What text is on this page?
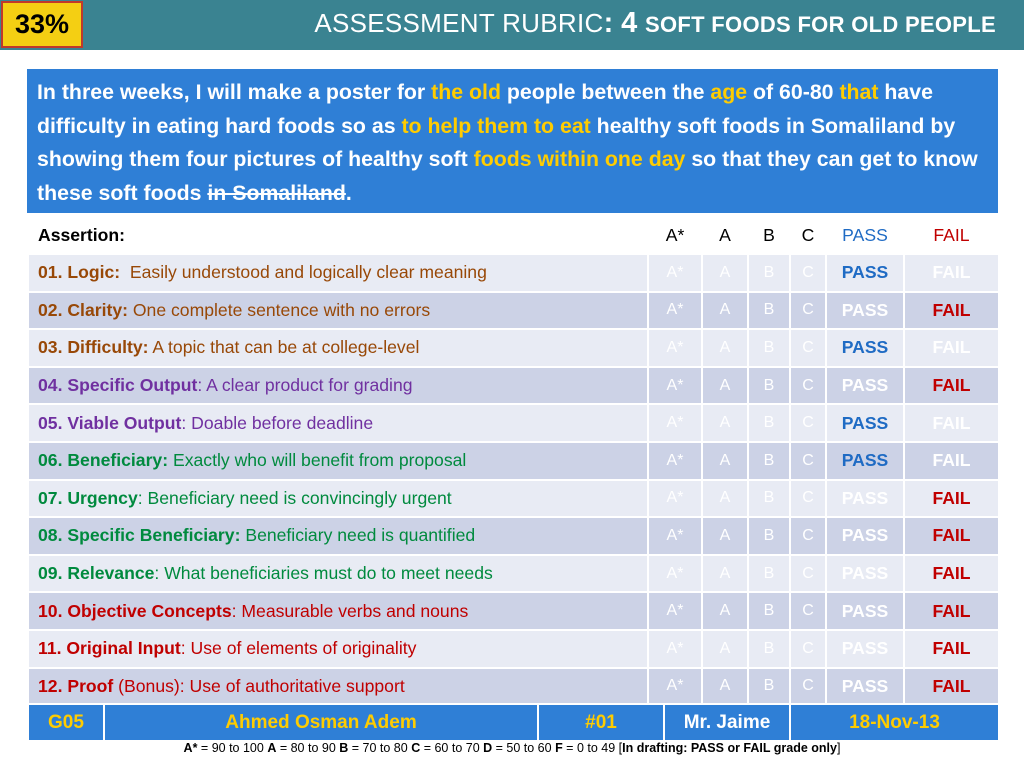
33%	ASSESSMENT RUBRIC: 4 SOFT FOODS FOR OLD PEOPLE
In three weeks, I will make a poster for the old people between the age of 60-80 that have difficulty in eating hard foods so as to help them to eat healthy soft foods in Somaliland by showing them four pictures of healthy soft foods within one day so that they can get to know these soft foods in Somaliland.
Assertion:	A*	A	B	C	PASS	FAIL
01. Logic: Easily understood and logically clear meaning	A*	A	B	C	PASS	FAIL
02. Clarity: One complete sentence with no errors	A*	A	B	C	PASS	FAIL
03. Difficulty: A topic that can be at college-level	A*	A	B	C	PASS	FAIL
04. Specific Output: A clear product for grading	A*	A	B	C	PASS	FAIL
05. Viable Output: Doable before deadline	A*	A	B	C	PASS	FAIL
06. Beneficiary: Exactly who will benefit from proposal	A*	A	B	C	PASS	FAIL
07. Urgency: Beneficiary need is convincingly urgent	A*	A	B	C	PASS	FAIL
08. Specific Beneficiary: Beneficiary need is quantified	A*	A	B	C	PASS	FAIL
09. Relevance: What beneficiaries must do to meet needs	A*	A	B	C	PASS	FAIL
10. Objective Concepts: Measurable verbs and nouns	A*	A	B	C	PASS	FAIL
11. Original Input: Use of elements of originality	A*	A	B	C	PASS	FAIL
12. Proof (Bonus): Use of authoritative support	A*	A	B	C	PASS	FAIL
G05	Ahmed Osman Adem	#01	Mr. Jaime	18-Nov-13
A* = 90 to 100 A = 80 to 90 B = 70 to 80 C = 60 to 70 D = 50 to 60 F = 0 to 49 [In drafting: PASS or FAIL grade only]
